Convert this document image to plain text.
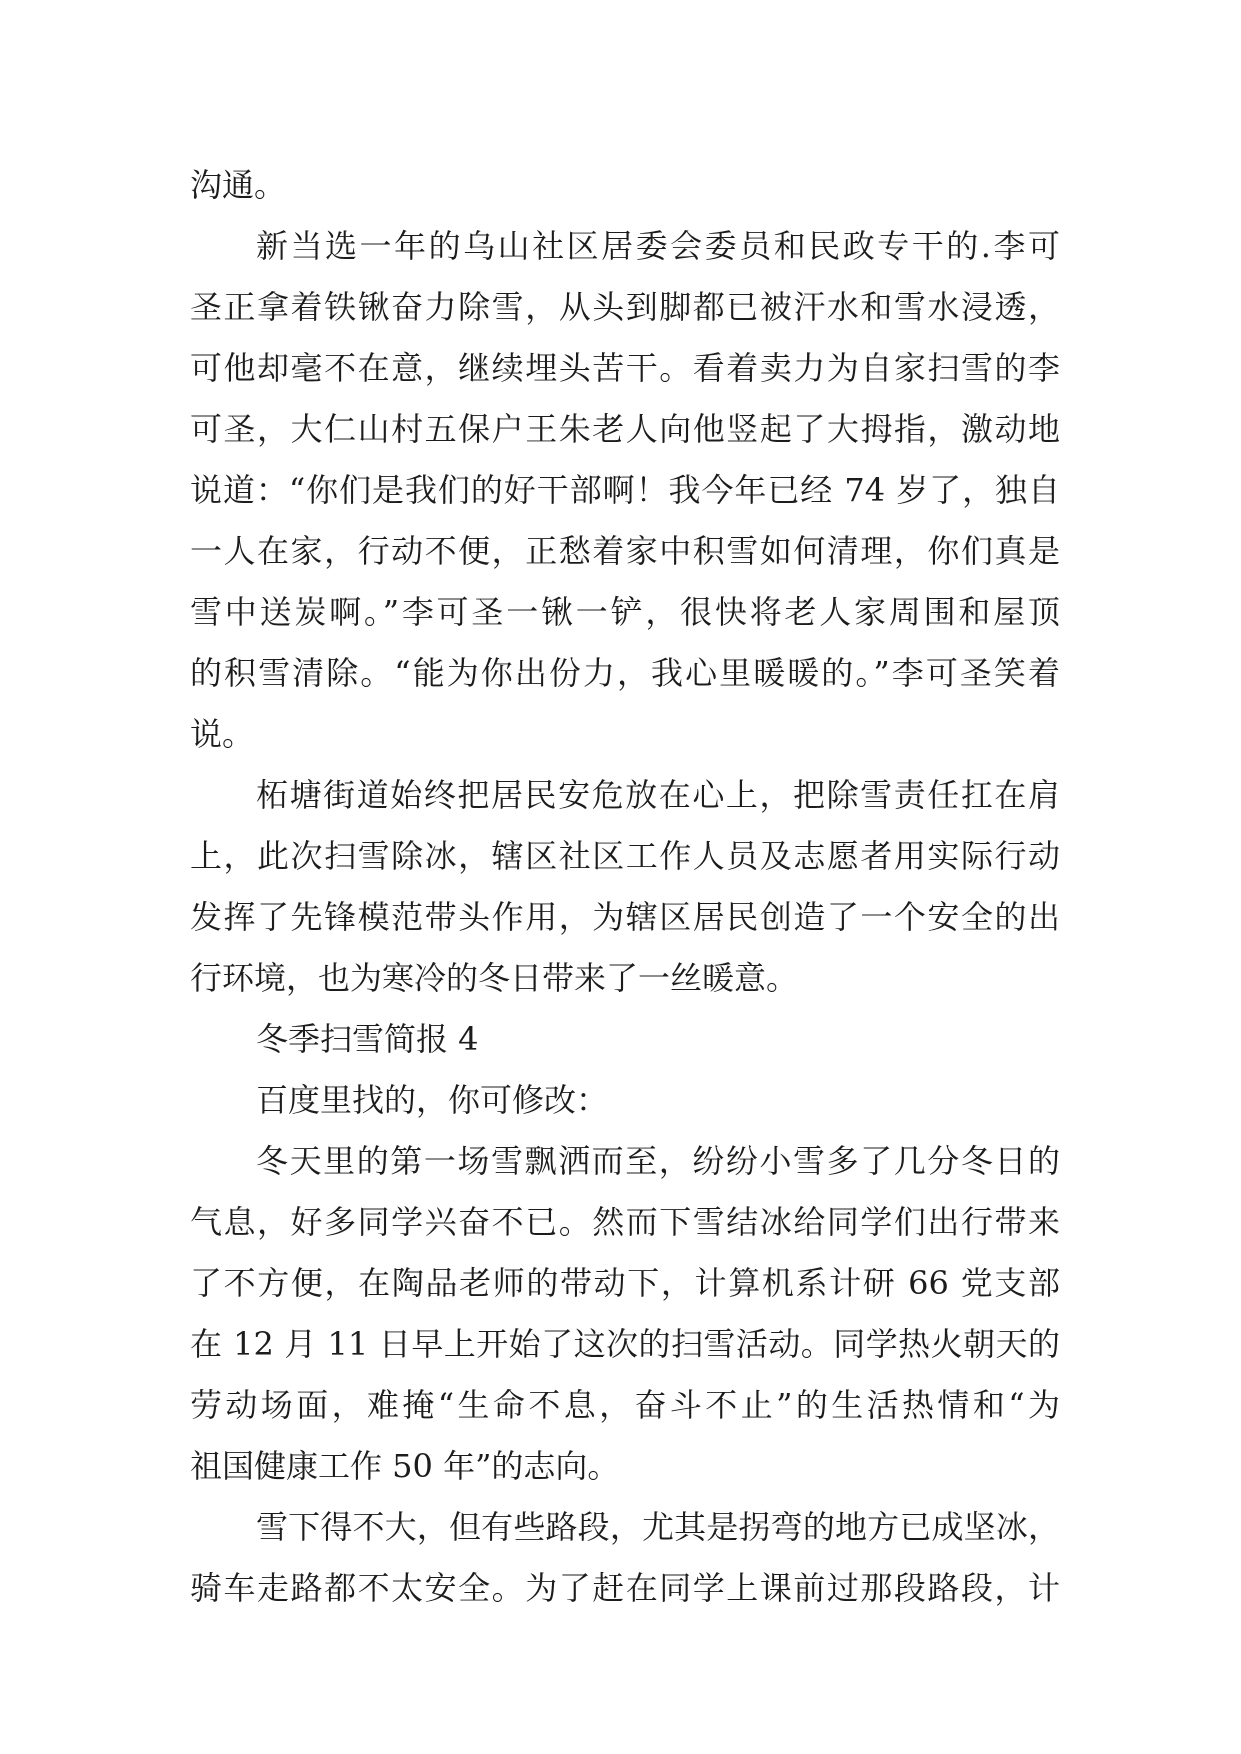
沟通。
新当选一年的乌山社区居委会委员和民政专干的.李可
圣正拿着铁锹奋力除雪，从头到脚都已被汗水和雪水浸透，
可他却毫不在意，继续埋头苦干。看着卖力为自家扫雪的李
可圣，大仁山村五保户王朱老人向他竖起了大拇指，激动地
说道：“你们是我们的好干部啊！我今年已经 74 岁了，独自
一人在家，行动不便，正愁着家中积雪如何清理，你们真是
雪中送炭啊。”李可圣一锹一铲，很快将老人家周围和屋顶
的积雪清除。“能为你出份力，我心里暖暖的。”李可圣笑着
说。
柘塘街道始终把居民安危放在心上，把除雪责任扛在肩
上，此次扫雪除冰，辖区社区工作人员及志愿者用实际行动
发挥了先锋模范带头作用，为辖区居民创造了一个安全的出
行环境，也为寒冷的冬日带来了一丝暖意。
冬季扫雪简报 4
百度里找的，你可修改：
冬天里的第一场雪飘洒而至，纷纷小雪多了几分冬日的
气息，好多同学兴奋不已。然而下雪结冰给同学们出行带来
了不方便，在陶品老师的带动下，计算机系计研 66 党支部
在 12 月 11 日早上开始了这次的扫雪活动。同学热火朝天的
劳动场面，难掩“生命不息，奋斗不止”的生活热情和“为
祖国健康工作 50 年”的志向。
雪下得不大，但有些路段，尤其是拐弯的地方已成坚冰，
骑车走路都不太安全。为了赶在同学上课前过那段路段，计
